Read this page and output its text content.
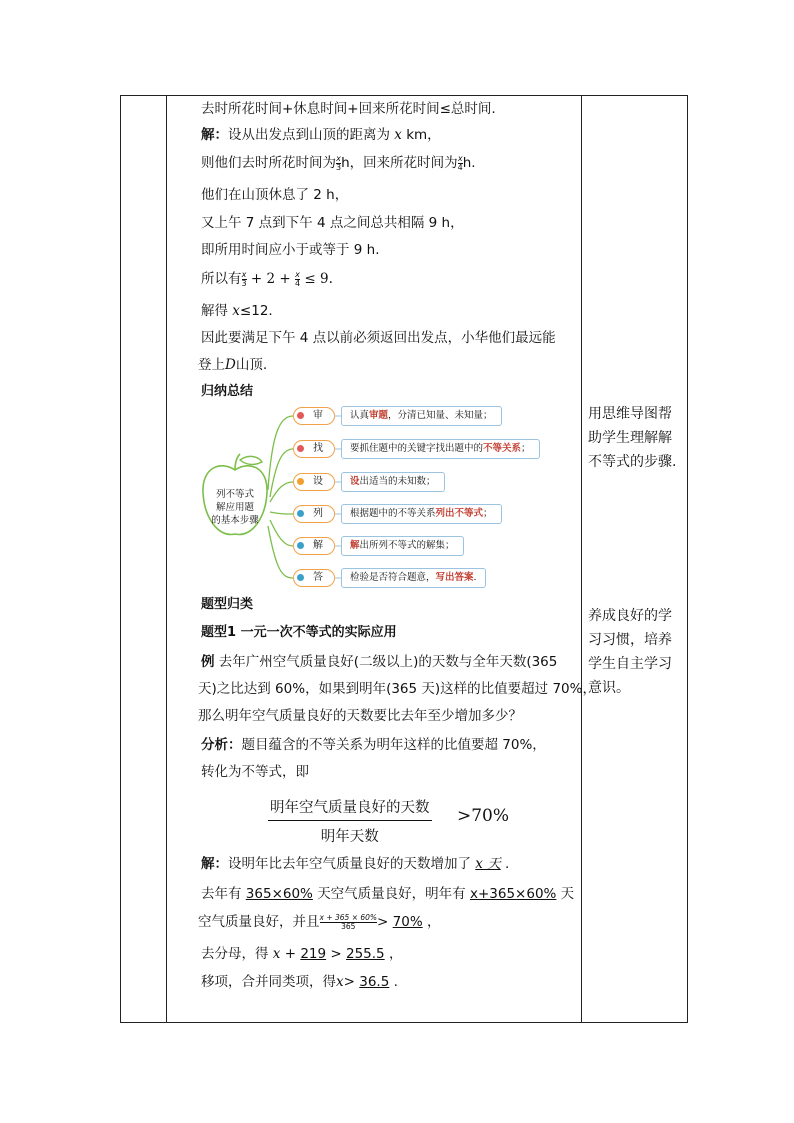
去时所花时间+休息时间+回来所花时间≤总时间.
解：设从出发点到山顶的距离为 x km，
则他们去时所花时间为 $\frac{x}{3}$ h，回来所花时间为 $\frac{x}{4} h$.
他们在山顶休息了 2 h，
又上午 7 点到下午 4 点之间总共相隔 9 h，
即所用时间应小于或等于 9 h.
所以有 $\frac{x}{3} + 2 + \frac{x}{4} \le 9$.
解得 x≤12.
因此要满足下午 4 点以前必须返回出发点，小华他们最远能
登上D山顶.
归纳总结
列不等式
解应用题
的基本步骤
审	认真审题，分清已知量、未知量；
找	要抓住题中的关键字找出题中的不等关系；
设	设出适当的未知数；
列	根据题中的不等关系列出不等式；
解	解出所列不等式的解集；
答	检验是否符合题意，写出答案.
题型归类
题型1 一元一次不等式的实际应用
例 去年广州空气质量良好(二级以上)的天数与全年天数(365
天)之比达到 60%，如果到明年(365 天)这样的比值要超过 70%，
那么明年空气质量良好的天数要比去年至少增加多少？
分析：题目蕴含的不等关系为明年这样的比值要超 70%，
转化为不等式，即
明年空气质量良好的天数
明年天数
>70%
解：设明年比去年空气质量良好的天数增加了 x 天 .
去年有 365×60% 天空气质量良好，明年有 x+365×60% 天
空气质量良好，并且 $\frac{x + 365 \times 60\%}{365} > 70\%$ ，
去分母，得 x + 219 > 255.5 ，
移项，合并同类项，得x> 36.5 .
用思维导图帮
助学生理解解
不等式的步骤.
养成良好的学
习习惯，培养
学生自主学习
意识。
